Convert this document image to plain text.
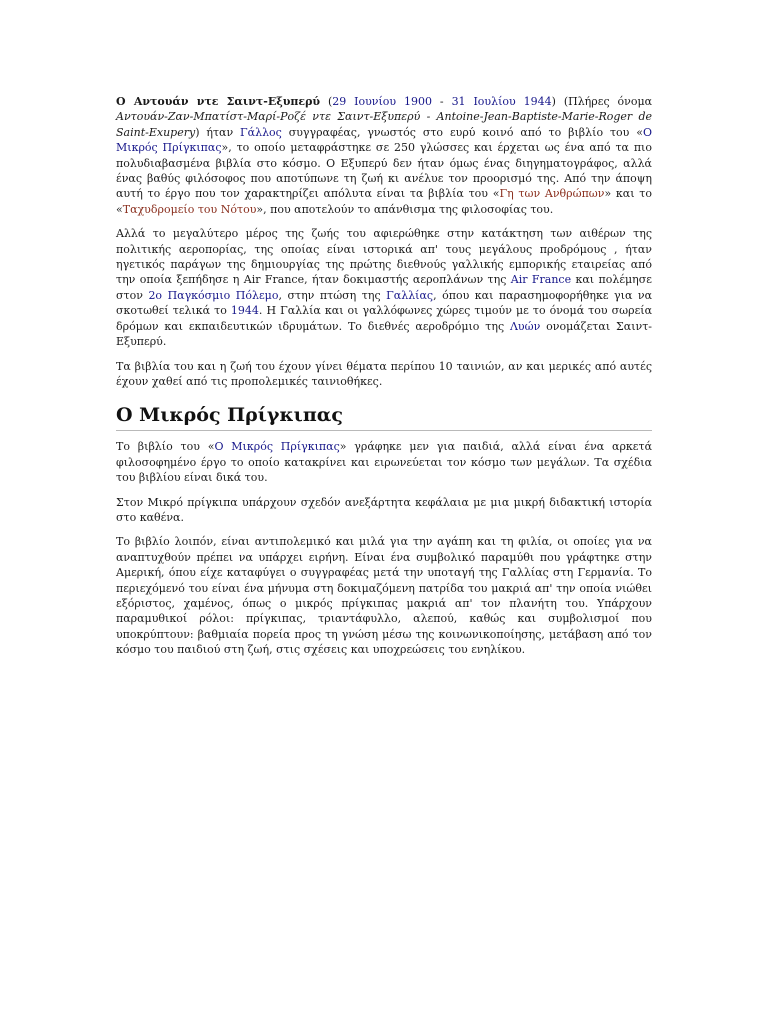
Ο Αντουάν ντε Σαιντ-Εξυπερύ (29 Ιουνίου 1900 - 31 Ιουλίου 1944) (Πλήρες όνομα Αντουάν-Ζαν-Μπατίστ-Μαρί-Ροζέ ντε Σαιντ-Εξυπερύ - Antoine-Jean-Baptiste-Marie-Roger de Saint-Exupery) ήταν Γάλλος συγγραφέας, γνωστός στο ευρύ κοινό από το βιβλίο του «Ο Μικρός Πρίγκιπας», το οποίο μεταφράστηκε σε 250 γλώσσες και έρχεται ως ένα από τα πιο πολυδιαβασμένα βιβλία στο κόσμο. Ο Εξυπερύ δεν ήταν όμως ένας διηγηματογράφος, αλλά ένας βαθύς φιλόσοφος που αποτύπωνε τη ζωή κι ανέλυε τον προορισμό της. Από την άποψη αυτή το έργο που τον χαρακτηρίζει απόλυτα είναι τα βιβλία του «Γη των Ανθρώπων» και το «Ταχυδρομείο του Νότου», που αποτελούν το απάνθισμα της φιλοσοφίας του.

Αλλά το μεγαλύτερο μέρος της ζωής του αφιερώθηκε στην κατάκτηση των αιθέρων της πολιτικής αεροπορίας, της οποίας είναι ιστορικά απ' τους μεγάλους προδρόμους , ήταν ηγετικός παράγων της δημιουργίας της πρώτης διεθνούς γαλλικής εμπορικής εταιρείας από την οποία ξεπήδησε η Air France, ήταν δοκιμαστής αεροπλάνων της Air France και πολέμησε στον 2ο Παγκόσμιο Πόλεμο, στην πτώση της Γαλλίας, όπου και παρασημοφορήθηκε για να σκοτωθεί τελικά το 1944. Η Γαλλία και οι γαλλόφωνες χώρες τιμούν με το όνομά του σωρεία δρόμων και εκπαιδευτικών ιδρυμάτων. Το διεθνές αεροδρόμιο της Λυών ονομάζεται Σαιντ-Εξυπερύ.

Τα βιβλία του και η ζωή του έχουν γίνει θέματα περίπου 10 ταινιών, αν και μερικές από αυτές έχουν χαθεί από τις προπολεμικές ταινιοθήκες.

Ο Μικρός Πρίγκιπας

Το βιβλίο του «Ο Μικρός Πρίγκιπας» γράφηκε μεν για παιδιά, αλλά είναι ένα αρκετά φιλοσοφημένο έργο το οποίο κατακρίνει και ειρωνεύεται τον κόσμο των μεγάλων. Τα σχέδια του βιβλίου είναι δικά του.

Στον Μικρό πρίγκιπα υπάρχουν σχεδόν ανεξάρτητα κεφάλαια με μια μικρή διδακτική ιστορία στο καθένα.

Το βιβλίο λοιπόν, είναι αντιπολεμικό και μιλά για την αγάπη και τη φιλία, οι οποίες για να αναπτυχθούν πρέπει να υπάρχει ειρήνη. Είναι ένα συμβολικό παραμύθι που γράφτηκε στην Αμερική, όπου είχε καταφύγει ο συγγραφέας μετά την υποταγή της Γαλλίας στη Γερμανία. Το περιεχόμενό του είναι ένα μήνυμα στη δοκιμαζόμενη πατρίδα του μακριά απ' την οποία νιώθει εξόριστος, χαμένος, όπως ο μικρός πρίγκιπας μακριά απ' τον πλανήτη του. Υπάρχουν παραμυθικοί ρόλοι: πρίγκιπας, τριαντάφυλλο, αλεπού, καθώς και συμβολισμοί που υποκρύπτουν: βαθμιαία πορεία προς τη γνώση μέσω της κοινωνικοποίησης, μετάβαση από τον κόσμο του παιδιού στη ζωή, στις σχέσεις και υποχρεώσεις του ενηλίκου.
